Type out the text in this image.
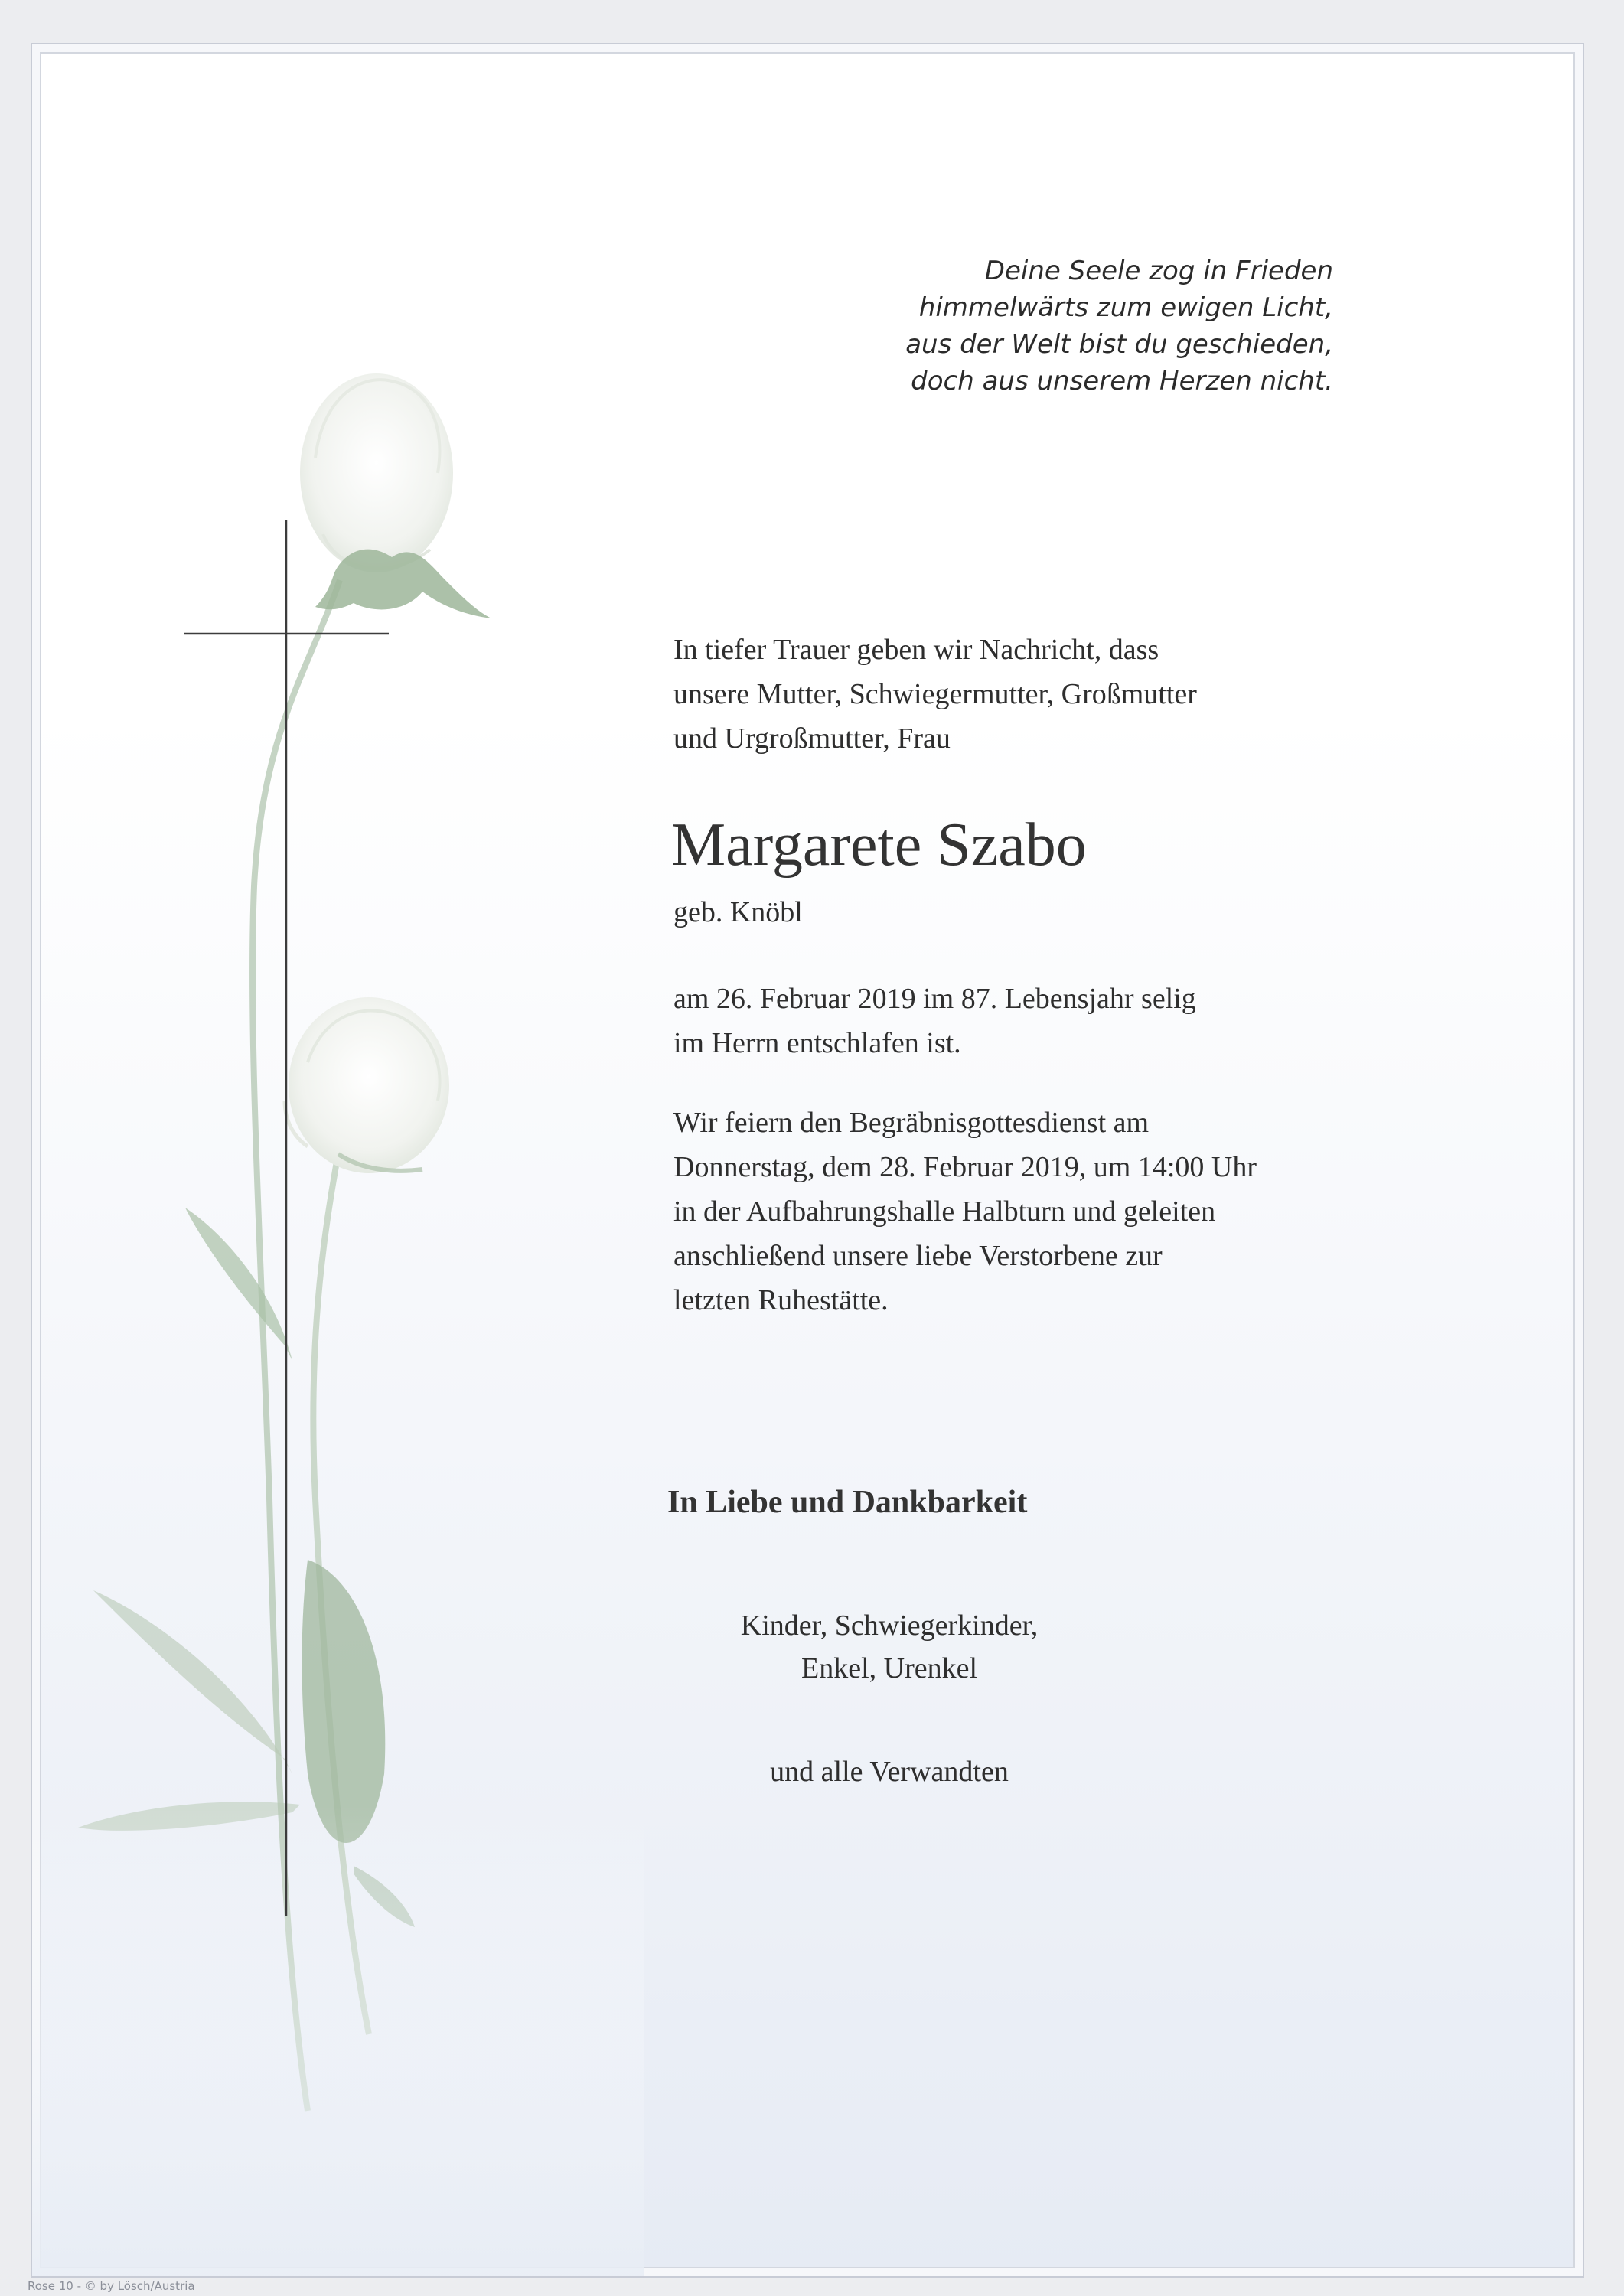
Deine Seele zog in Frieden
himmelwärts zum ewigen Licht,
aus der Welt bist du geschieden,
doch aus unserem Herzen nicht.

In tiefer Trauer geben wir Nachricht, dass
unsere Mutter, Schwiegermutter, Großmutter
und Urgroßmutter, Frau

Margarete Szabo

geb. Knöbl

am 26. Februar 2019 im 87. Lebensjahr selig
im Herrn entschlafen ist.

Wir feiern den Begräbnisgottesdienst am
Donnerstag, dem 28. Februar 2019, um 14:00 Uhr
in der Aufbahrungshalle Halbturn und geleiten
anschließend unsere liebe Verstorbene zur
letzten Ruhestätte.

In Liebe und Dankbarkeit

Kinder, Schwiegerkinder,
Enkel, Urenkel

und alle Verwandten

Rose 10 - © by Lösch/Austria
